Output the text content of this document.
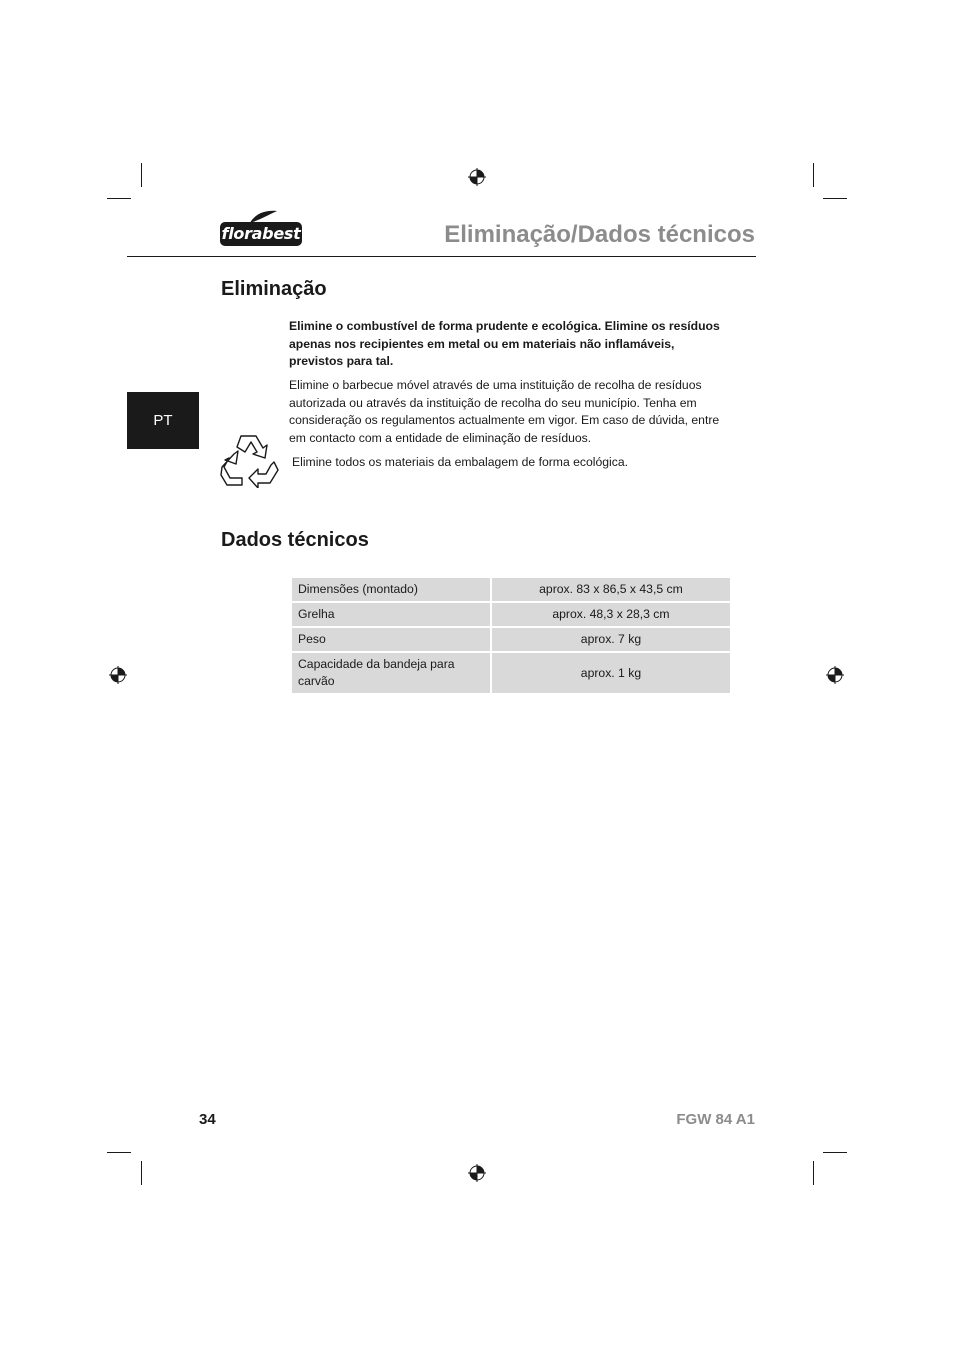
florabest	Eliminação/Dados técnicos
PT
Eliminação
Elimine o combustível de forma prudente e ecológica. Elimine os resíduos apenas nos recipientes em metal ou em materiais não inflamáveis, previstos para tal.
Elimine o barbecue móvel através de uma instituição de recolha de resíduos autorizada ou através da instituição de recolha do seu município. Tenha em consideração os regulamentos actualmente em vigor. Em caso de dúvida, entre em contacto com a entidade de eliminação de resíduos.
Elimine todos os materiais da embalagem de forma ecológica.
Dados técnicos
Dimensões (montado)	aprox. 83 x 86,5 x 43,5 cm
Grelha	aprox. 48,3 x 28,3 cm
Peso	aprox. 7 kg
Capacidade da bandeja para carvão	aprox. 1 kg
34	FGW 84 A1
